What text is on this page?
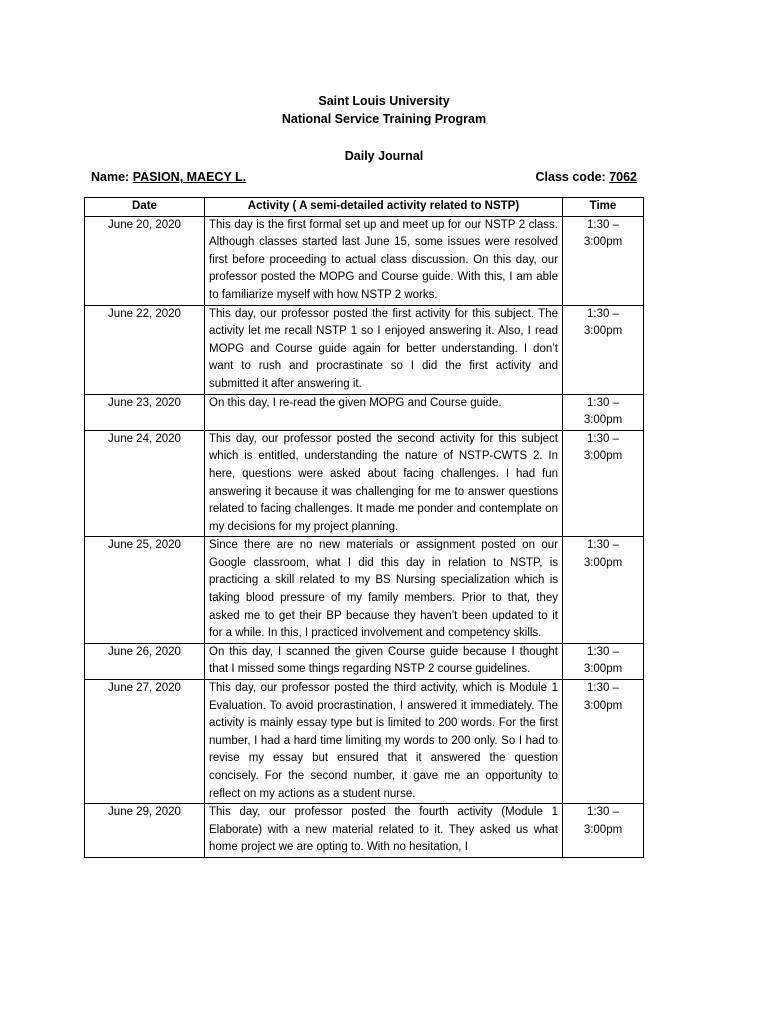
Saint Louis University
National Service Training Program
Daily Journal
Name: PASION, MAECY L.	Class code: 7062
Date	Activity ( A semi-detailed activity related to NSTP)	Time
June 20, 2020	This day is the first formal set up and meet up for our NSTP 2 class. Although classes started last June 15, some issues were resolved first before proceeding to actual class discussion. On this day, our professor posted the MOPG and Course guide. With this, I am able to familiarize myself with how NSTP 2 works.	1:30 – 3:00pm
June 22, 2020	This day, our professor posted the first activity for this subject. The activity let me recall NSTP 1 so I enjoyed answering it. Also, I read MOPG and Course guide again for better understanding. I don’t want to rush and procrastinate so I did the first activity and submitted it after answering it.	1:30 – 3:00pm
June 23, 2020	On this day, I re-read the given MOPG and Course guide.	1:30 – 3:00pm
June 24, 2020	This day, our professor posted the second activity for this subject which is entitled, understanding the nature of NSTP-CWTS 2. In here, questions were asked about facing challenges. I had fun answering it because it was challenging for me to answer questions related to facing challenges. It made me ponder and contemplate on my decisions for my project planning.	1:30 – 3:00pm
June 25, 2020	Since there are no new materials or assignment posted on our Google classroom, what I did this day in relation to NSTP, is practicing a skill related to my BS Nursing specialization which is taking blood pressure of my family members. Prior to that, they asked me to get their BP because they haven’t been updated to it for a while. In this, I practiced involvement and competency skills.	1:30 – 3:00pm
June 26, 2020	On this day, I scanned the given Course guide because I thought that I missed some things regarding NSTP 2 course guidelines.	1:30 – 3:00pm
June 27, 2020	This day, our professor posted the third activity, which is Module 1 Evaluation. To avoid procrastination, I answered it immediately. The activity is mainly essay type but is limited to 200 words. For the first number, I had a hard time limiting my words to 200 only. So I had to revise my essay but ensured that it answered the question concisely. For the second number, it gave me an opportunity to reflect on my actions as a student nurse.	1:30 – 3:00pm
June 29, 2020	This day, our professor posted the fourth activity (Module 1 Elaborate) with a new material related to it. They asked us what home project we are opting to. With no hesitation, I	1:30 – 3:00pm
